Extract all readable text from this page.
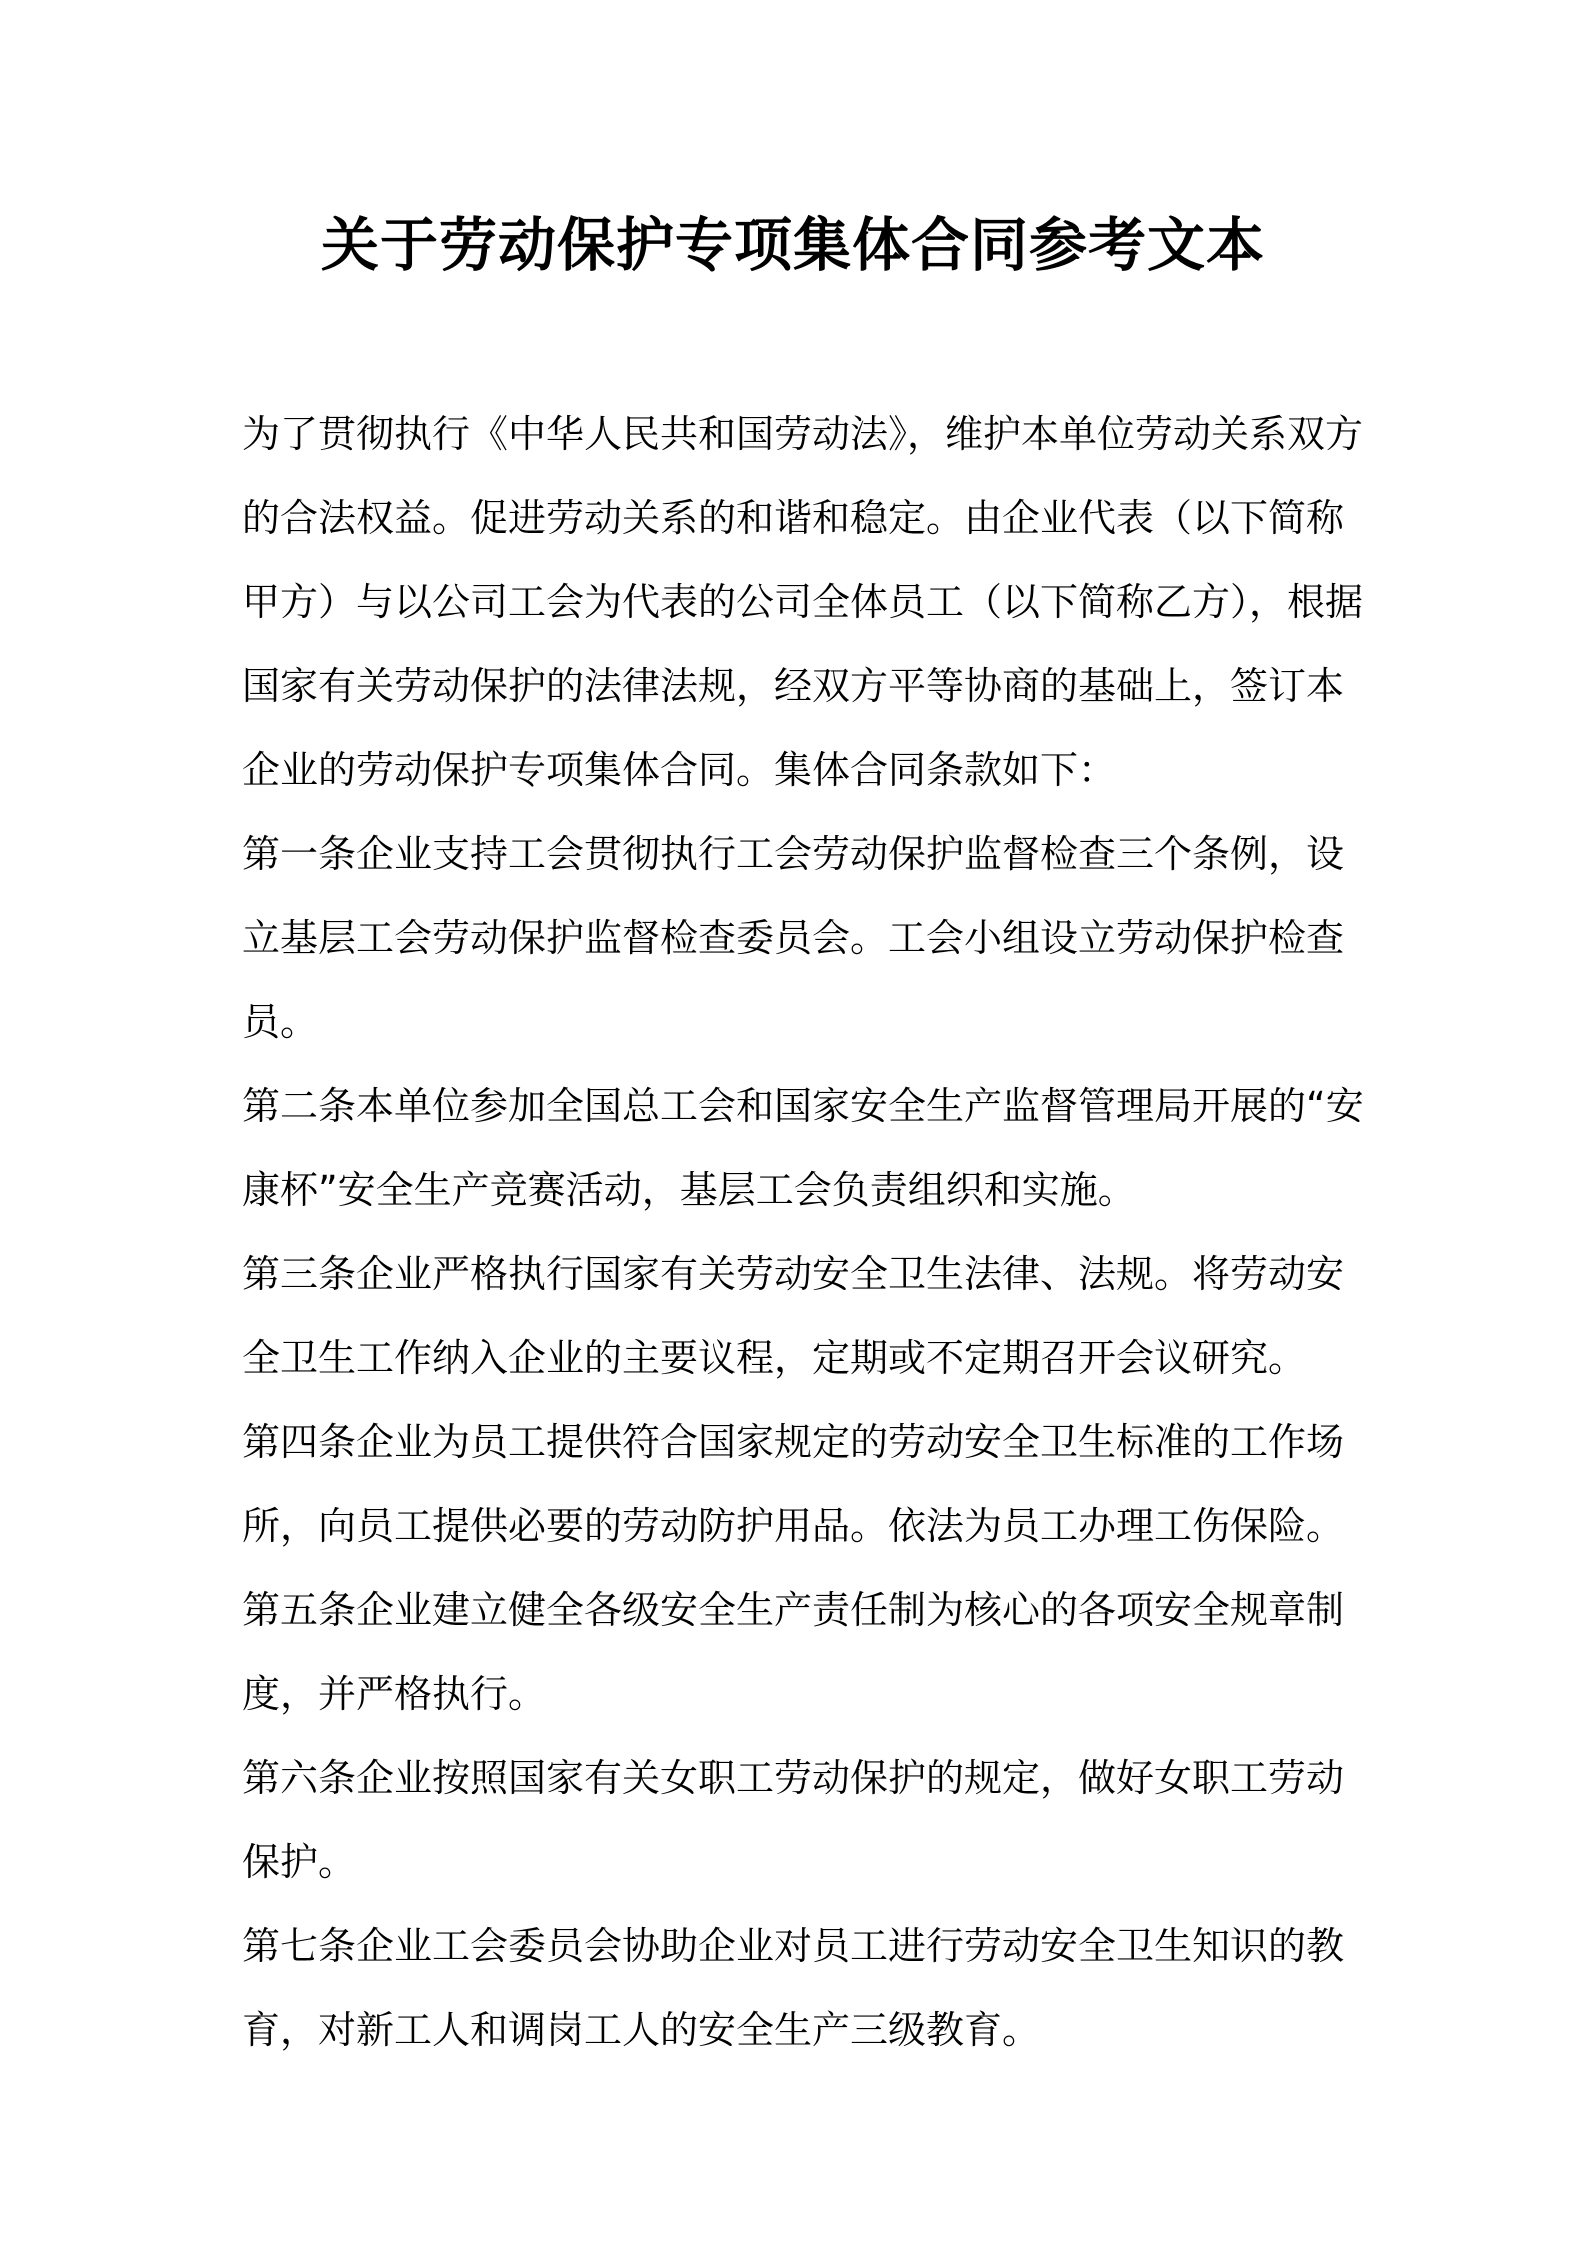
关于劳动保护专项集体合同参考文本

为了贯彻执行《中华人民共和国劳动法》，维护本单位劳动关系双方的合法权益。促进劳动关系的和谐和稳定。由企业代表（以下简称甲方）与以公司工会为代表的公司全体员工（以下简称乙方），根据国家有关劳动保护的法律法规，经双方平等协商的基础上，签订本企业的劳动保护专项集体合同。集体合同条款如下：

第一条企业支持工会贯彻执行工会劳动保护监督检查三个条例，设立基层工会劳动保护监督检查委员会。工会小组设立劳动保护检查员。

第二条本单位参加全国总工会和国家安全生产监督管理局开展的“安康杯”安全生产竞赛活动，基层工会负责组织和实施。

第三条企业严格执行国家有关劳动安全卫生法律、法规。将劳动安全卫生工作纳入企业的主要议程，定期或不定期召开会议研究。

第四条企业为员工提供符合国家规定的劳动安全卫生标准的工作场所，向员工提供必要的劳动防护用品。依法为员工办理工伤保险。

第五条企业建立健全各级安全生产责任制为核心的各项安全规章制度，并严格执行。

第六条企业按照国家有关女职工劳动保护的规定，做好女职工劳动保护。

第七条企业工会委员会协助企业对员工进行劳动安全卫生知识的教育，对新工人和调岗工人的安全生产三级教育。
